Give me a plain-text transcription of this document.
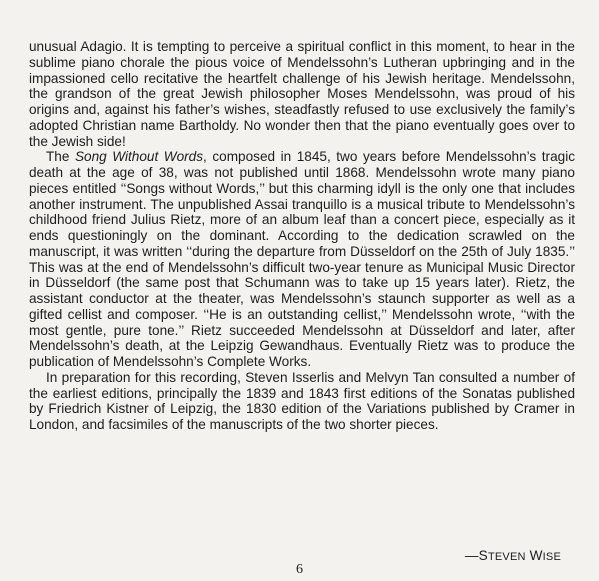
unusual Adagio. It is tempting to perceive a spiritual conflict in this moment, to hear in the sublime piano chorale the pious voice of Mendelssohn’s Lutheran upbringing and in the impassioned cello recitative the heartfelt challenge of his Jewish heritage. Mendelssohn, the grandson of the great Jewish philosopher Moses Mendelssohn, was proud of his origins and, against his father’s wishes, steadfastly refused to use exclusively the family’s adopted Christian name Bartholdy. No wonder then that the piano eventually goes over to the Jewish side!

The Song Without Words, composed in 1845, two years before Mendelssohn’s tragic death at the age of 38, was not published until 1868. Mendelssohn wrote many piano pieces entitled ‘‘Songs without Words,’’ but this charming idyll is the only one that includes another instrument. The unpublished Assai tranquillo is a musical tribute to Mendelssohn’s childhood friend Julius Rietz, more of an album leaf than a concert piece, especially as it ends questioningly on the dominant. According to the dedication scrawled on the manuscript, it was written ‘‘during the departure from Düsseldorf on the 25th of July 1835.’’ This was at the end of Mendelssohn’s difficult two-year tenure as Municipal Music Director in Düsseldorf (the same post that Schumann was to take up 15 years later). Rietz, the assistant conductor at the theater, was Mendelssohn’s staunch supporter as well as a gifted cellist and composer. ‘‘He is an outstanding cellist,’’ Mendelssohn wrote, ‘‘with the most gentle, pure tone.’’ Rietz succeeded Mendelssohn at Düsseldorf and later, after Mendelssohn’s death, at the Leipzig Gewandhaus. Eventually Rietz was to produce the publication of Mendelssohn’s Complete Works.

In preparation for this recording, Steven Isserlis and Melvyn Tan consulted a number of the earliest editions, principally the 1839 and 1843 first editions of the Sonatas published by Friedrich Kistner of Leipzig, the 1830 edition of the Variations published by Cramer in London, and facsimiles of the manuscripts of the two shorter pieces.

—STEVEN WISE
6
